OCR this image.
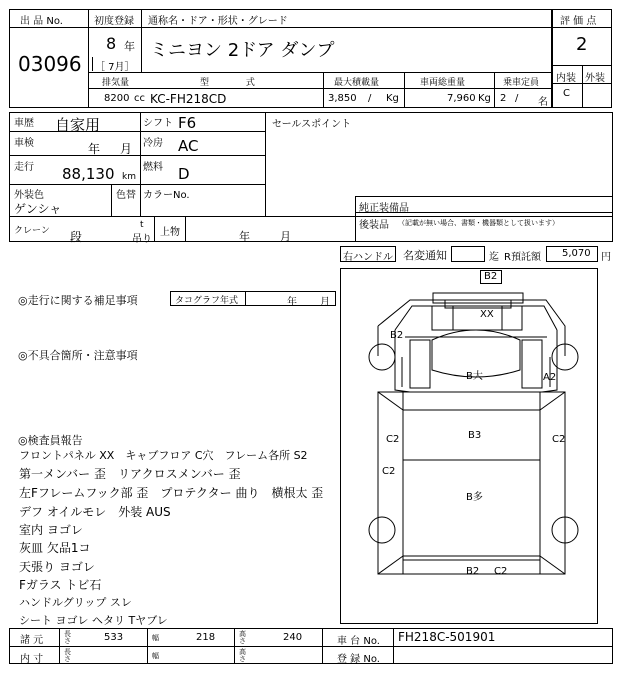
出 品 No.
03096
初度登録 通称名・ドア・形状・グレード
8 年
［ 7月］
ミニヨン 2ドア ダンプ
排気量	型 式	最大積載量	車両総重量	乗車定員
8200 cc KC-FH218CD	3,850 / Kg	7,960 Kg 2 / 名
評 価 点
2
内装 外装
C
車歴 自家用	シフト F6	セールスポイント
車検	年 月 冷房 AC
走行 88,130 km
燃料 D
外装色
ゲンシャ
色替 カラーNo.
純正装備品
後装品 （記載が無い場合、書類・機器類として扱います）
クレーン 段
t
吊り
上物	年	月
右ハンドル 名変通知	迄 R預託額 5,070 円
◎走行に関する補足事項	タコグラフ年式	年 月
◎不具合箇所・注意事項
◎検査員報告
フロントパネル XX　キャブフロア C穴　フレーム各所 S2
第一メンバー 歪　リアクロスメンバー 歪
左Fフレームフック部 歪　プロテクター 曲り　横根太 歪
デフ オイルモレ　外装 AUS
室内 ヨゴレ
灰皿 欠品1コ
天張り ヨゴレ
Fガラス トビ石
ハンドルグリップ スレ
シート ヨゴレ ヘタリ Tヤブレ
B2
XX
B2
B大	A2
C2	B3	C2
C2
B多
B2 C2
諸 元
長さ	533	幅	218	高さ	240	車 台 No. FH218C-501901
内 寸
長さ	幅	高さ	登 録 No.
